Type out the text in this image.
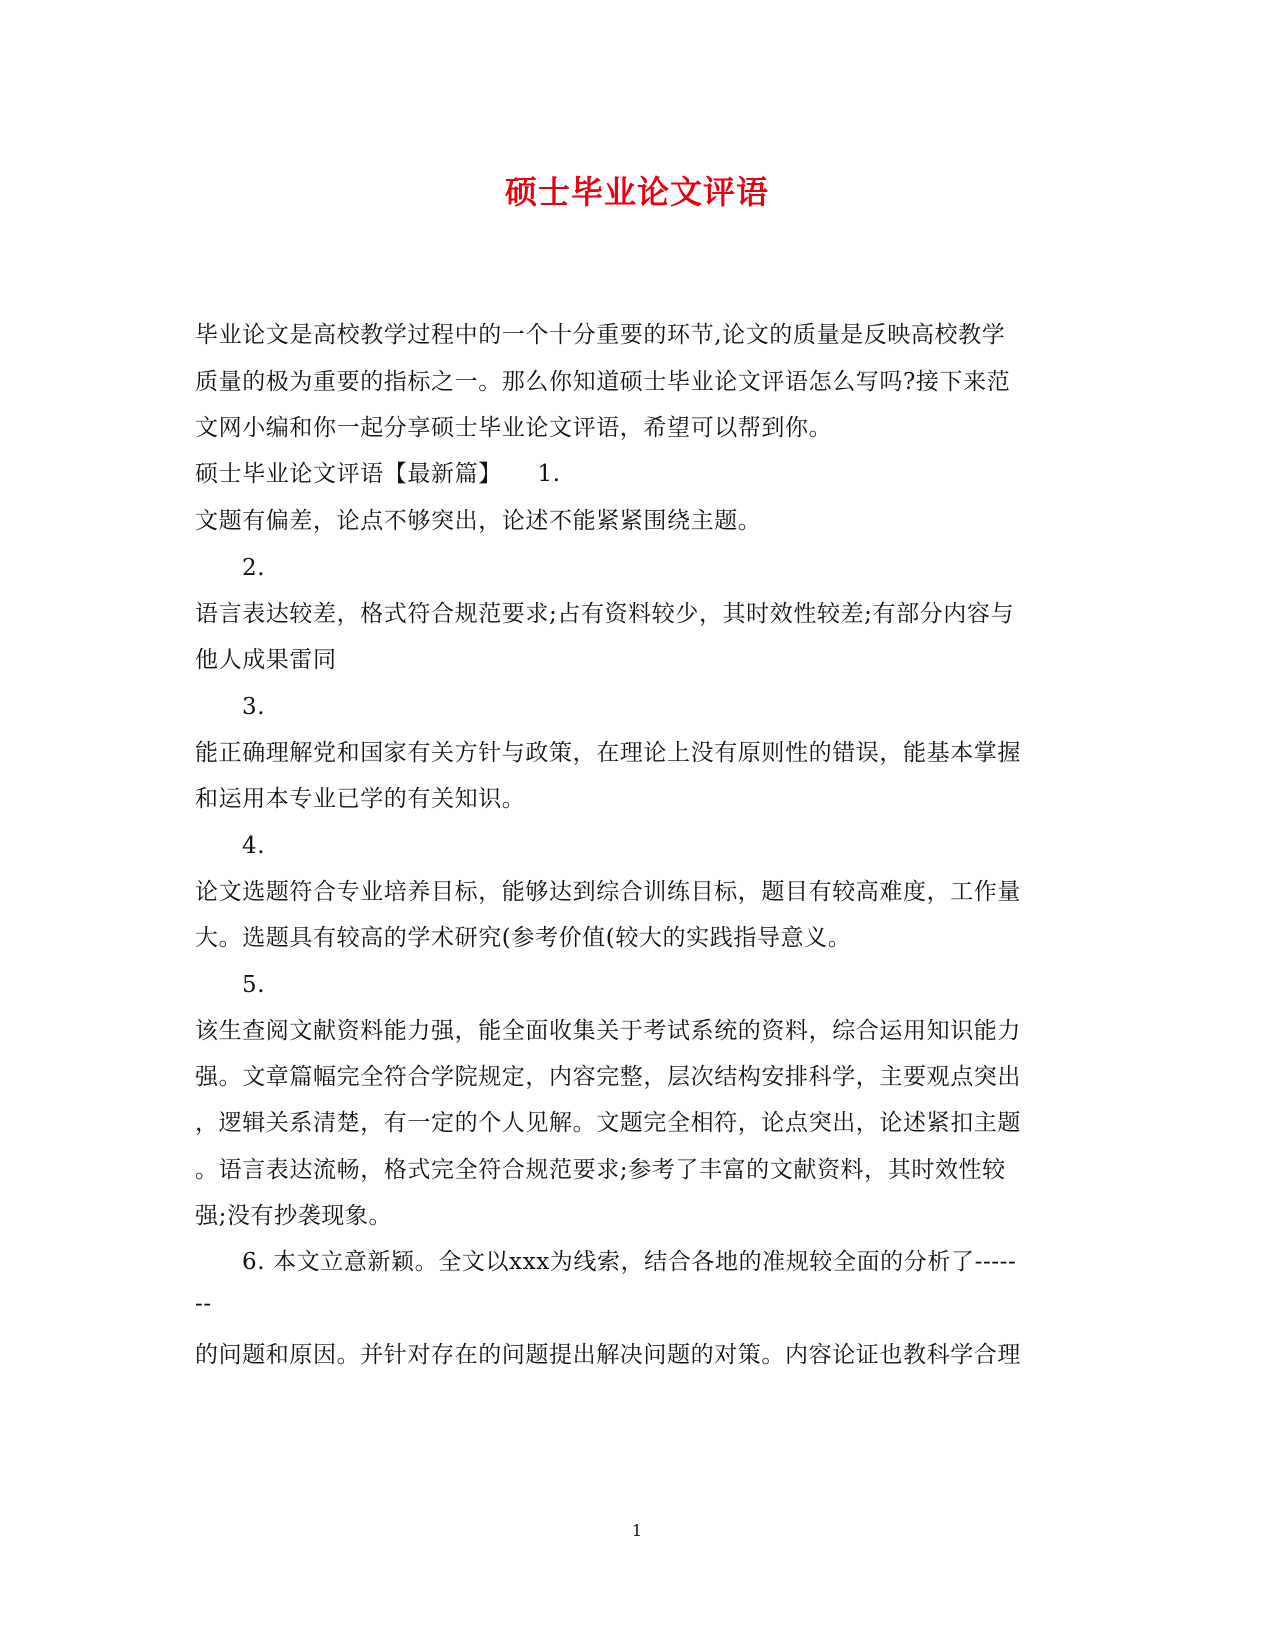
硕士毕业论文评语
毕业论文是高校教学过程中的一个十分重要的环节,论文的质量是反映高校教学
质量的极为重要的指标之一。那么你知道硕士毕业论文评语怎么写吗?接下来范
文网小编和你一起分享硕士毕业论文评语，希望可以帮到你。
硕士毕业论文评语【最新篇】　　1.
文题有偏差，论点不够突出，论述不能紧紧围绕主题。
2.
语言表达较差，格式符合规范要求;占有资料较少，其时效性较差;有部分内容与
他人成果雷同
3.
能正确理解党和国家有关方针与政策，在理论上没有原则性的错误，能基本掌握
和运用本专业已学的有关知识。
4.
论文选题符合专业培养目标，能够达到综合训练目标，题目有较高难度，工作量
大。选题具有较高的学术研究(参考价值(较大的实践指导意义。
5.
该生查阅文献资料能力强，能全面收集关于考试系统的资料，综合运用知识能力
强。文章篇幅完全符合学院规定，内容完整，层次结构安排科学，主要观点突出
，逻辑关系清楚，有一定的个人见解。文题完全相符，论点突出，论述紧扣主题
。语言表达流畅，格式完全符合规范要求;参考了丰富的文献资料，其时效性较
强;没有抄袭现象。
6. 本文立意新颖。全文以xxx为线索，结合各地的准规较全面的分析了-----
--
的问题和原因。并针对存在的问题提出解决问题的对策。内容论证也教科学合理
1
